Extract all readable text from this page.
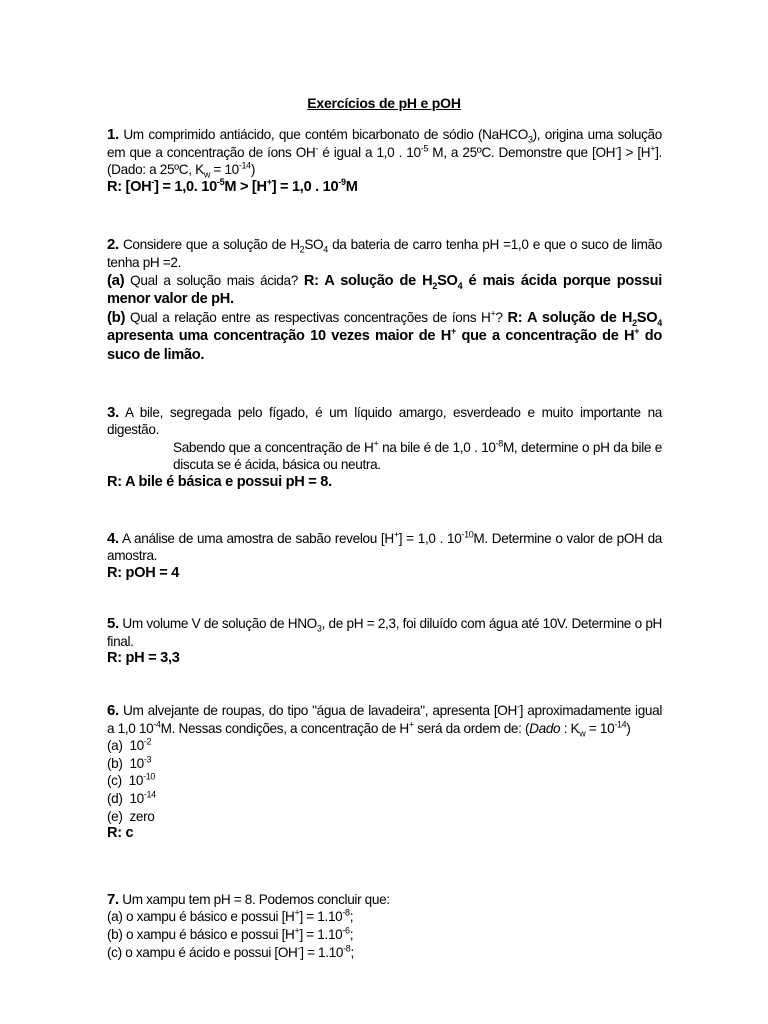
Exercícios de pH e pOH

1. Um comprimido antiácido, que contém bicarbonato de sódio (NaHCO$_3$), origina uma solução em que a concentração de íons OH- é igual a 1,0 . $10^{-5}$ M, a 25ºC. Demonstre que [OH-] > [H+]. (Dado: a 25ºC, $K_w = 10^{-14}$)

R: [OH-] = 1,0. $10^{-5}M > [H^+] = 1,0$ . $10^{-9}M$

2. Considere que a solução de $H_2SO_4$ da bateria de carro tenha pH =1,0 e que o suco de limão tenha pH =2.

(a) Qual a solução mais ácida? R: A solução de $H_2SO_4$ é mais ácida porque possui menor valor de pH.

(b) Qual a relação entre as respectivas concentrações de íons H+? R: A solução de $H_2SO_4$ apresenta uma concentração 10 vezes maior de H+ que a concentração de H+ do suco de limão.

3. A bile, segregada pelo fígado, é um líquido amargo, esverdeado e muito importante na digestão.

Sabendo que a concentração de H+ na bile é de 1,0 . $10^{-8}M$, determine o pH da bile e discuta se é ácida, básica ou neutra.

R: A bile é básica e possui pH = 8.

4. A análise de uma amostra de sabão revelou [H+] = 1,0 . $10^{-10}M$. Determine o valor de pOH da amostra.

R: pOH = 4

5. Um volume V de solução de $HNO_3$, de pH = 2,3, foi diluído com água até 10V. Determine o pH final.

R: pH = 3,3

6. Um alvejante de roupas, do tipo "água de lavadeira", apresenta [OH-] aproximadamente igual a 1,0 $10^{-4}M$. Nessas condições, a concentração de H+ será da ordem de: (Dado : $K_w = 10^{-14}$)

(a) $10^{-2}$

(b) $10^{-3}$

(c) $10^{-10}$

(d) $10^{-14}$

(e) zero

R: c

7. Um xampu tem pH = 8. Podemos concluir que:

(a) o xampu é básico e possui $[H^+] = 1.10^{-8}$;

(b) o xampu é básico e possui $[H^+] = 1.10^{-6}$;

(c) o xampu é ácido e possui $[OH^-] = 1.10^{-8}$;
